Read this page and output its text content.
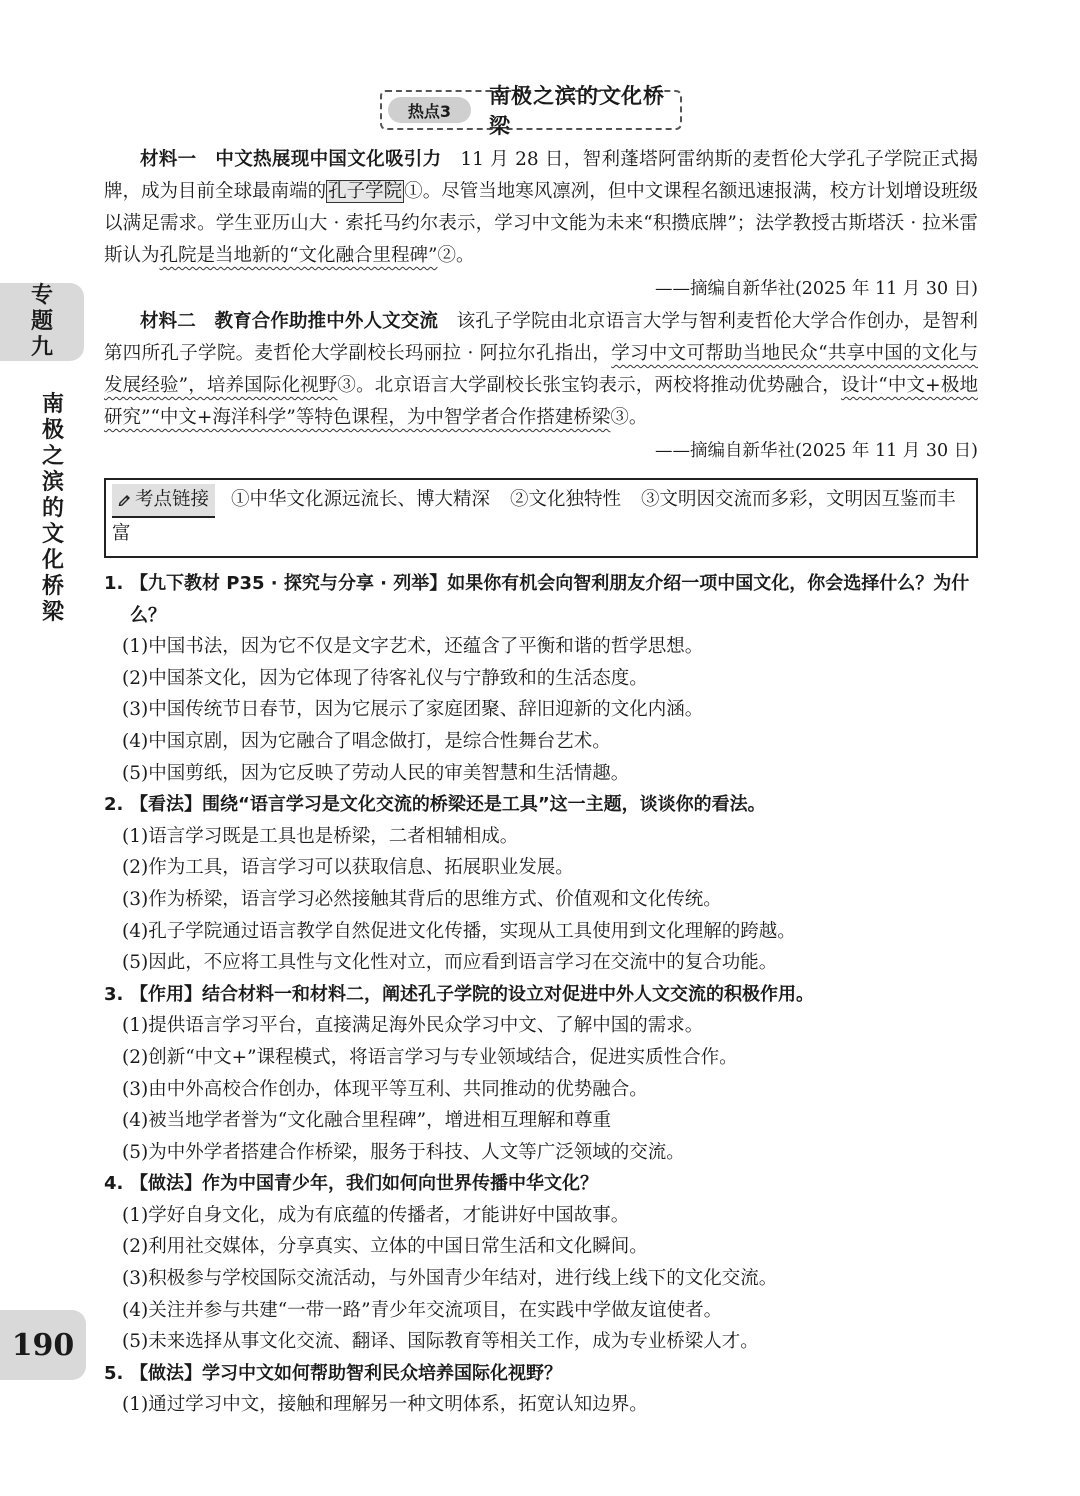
专
题
九
南
极
之
滨
的
文
化
桥
梁
190
热点3
南极之滨的文化桥梁

材料一　中文热展现中国文化吸引力　 11 月 28 日，智利蓬塔阿雷纳斯的麦哲伦大学孔子学院正式揭牌，成为目前全球最南端的 孔子学院 ①。尽管当地寒风凛冽，但中文课程名额迅速报满，校方计划增设班级以满足需求。学生亚历山大 · 索托马约尔表示，学习中文能为未来“积攒底牌”；法学教授古斯塔沃 · 拉米雷斯认为孔院是当地新的“文化融合里程碑”②。

——摘编自新华社(2025 年 11 月 30 日)

材料二　教育合作助推中外人文交流　 该孔子学院由北京语言大学与智利麦哲伦大学合作创办，是智利第四所孔子学院。麦哲伦大学副校长玛丽拉 · 阿拉尔孔指出，学习中文可帮助当地民众“共享中国的文化与发展经验”，培养国际化视野③。北京语言大学副校长张宝钧表示，两校将推动优势融合，设计“中文+极地研究”“中文+海洋科学”等特色课程，为中智学者合作搭建桥梁③。

——摘编自新华社(2025 年 11 月 30 日)

考点链接 ①中华文化源远流长、博大精深 ②文化独特性 ③文明因交流而多彩，文明因互鉴而丰富

1. 【九下教材 P35 · 探究与分享 · 列举】如果你有机会向智利朋友介绍一项中国文化，你会选择什么？为什么？

(1)中国书法，因为它不仅是文字艺术，还蕴含了平衡和谐的哲学思想。

(2)中国茶文化，因为它体现了待客礼仪与宁静致和的生活态度。

(3)中国传统节日春节，因为它展示了家庭团聚、辞旧迎新的文化内涵。

(4)中国京剧，因为它融合了唱念做打，是综合性舞台艺术。

(5)中国剪纸，因为它反映了劳动人民的审美智慧和生活情趣。

2. 【看法】围绕“语言学习是文化交流的桥梁还是工具”这一主题，谈谈你的看法。

(1)语言学习既是工具也是桥梁，二者相辅相成。

(2)作为工具，语言学习可以获取信息、拓展职业发展。

(3)作为桥梁，语言学习必然接触其背后的思维方式、价值观和文化传统。

(4)孔子学院通过语言教学自然促进文化传播，实现从工具使用到文化理解的跨越。

(5)因此，不应将工具性与文化性对立，而应看到语言学习在交流中的复合功能。

3. 【作用】结合材料一和材料二，阐述孔子学院的设立对促进中外人文交流的积极作用。

(1)提供语言学习平台，直接满足海外民众学习中文、了解中国的需求。

(2)创新“中文+”课程模式，将语言学习与专业领域结合，促进实质性合作。

(3)由中外高校合作创办，体现平等互利、共同推动的优势融合。

(4)被当地学者誉为“文化融合里程碑”，增进相互理解和尊重

(5)为中外学者搭建合作桥梁，服务于科技、人文等广泛领域的交流。

4. 【做法】作为中国青少年，我们如何向世界传播中华文化？

(1)学好自身文化，成为有底蕴的传播者，才能讲好中国故事。

(2)利用社交媒体，分享真实、立体的中国日常生活和文化瞬间。

(3)积极参与学校国际交流活动，与外国青少年结对，进行线上线下的文化交流。

(4)关注并参与共建“一带一路”青少年交流项目，在实践中学做友谊使者。

(5)未来选择从事文化交流、翻译、国际教育等相关工作，成为专业桥梁人才。

5. 【做法】学习中文如何帮助智利民众培养国际化视野？

(1)通过学习中文，接触和理解另一种文明体系，拓宽认知边界。
